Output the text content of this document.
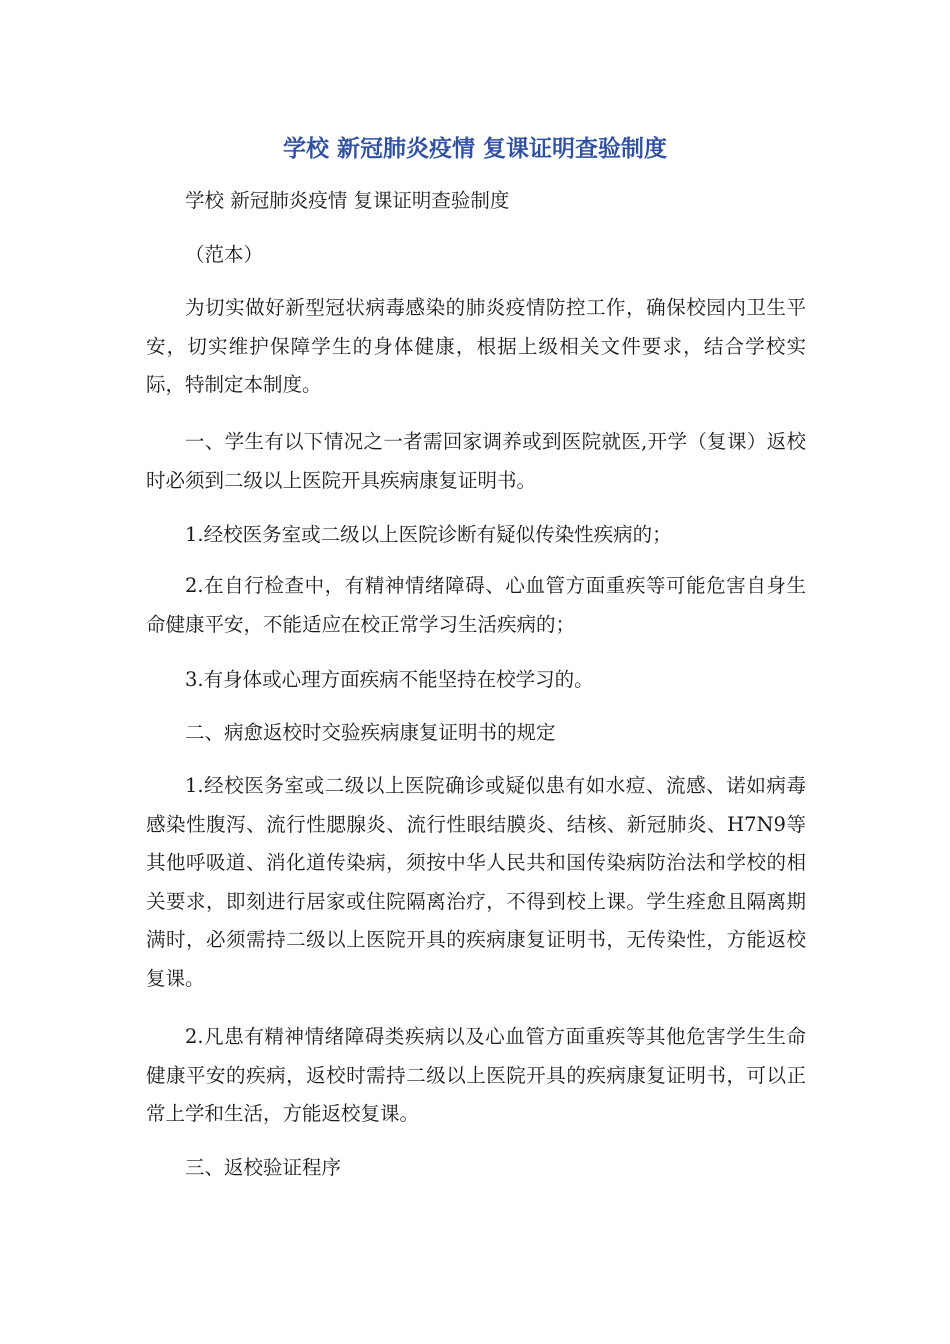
学校 新冠肺炎疫情 复课证明查验制度

学校 新冠肺炎疫情 复课证明查验制度

（范本）

为切实做好新型冠状病毒感染的肺炎疫情防控工作，确保校园内卫生平安，切实维护保障学生的身体健康，根据上级相关文件要求，结合学校实际，特制定本制度。

一、学生有以下情况之一者需回家调养或到医院就医,开学（复课）返校时必须到二级以上医院开具疾病康复证明书。

1.经校医务室或二级以上医院诊断有疑似传染性疾病的；

2.在自行检查中，有精神情绪障碍、心血管方面重疾等可能危害自身生命健康平安，不能适应在校正常学习生活疾病的；

3.有身体或心理方面疾病不能坚持在校学习的。

二、病愈返校时交验疾病康复证明书的规定

1.经校医务室或二级以上医院确诊或疑似患有如水痘、流感、诺如病毒感染性腹泻、流行性腮腺炎、流行性眼结膜炎、结核、新冠肺炎、H7N9等其他呼吸道、消化道传染病，须按中华人民共和国传染病防治法和学校的相关要求，即刻进行居家或住院隔离治疗，不得到校上课。学生痊愈且隔离期满时，必须需持二级以上医院开具的疾病康复证明书，无传染性，方能返校复课。

2.凡患有精神情绪障碍类疾病以及心血管方面重疾等其他危害学生生命健康平安的疾病，返校时需持二级以上医院开具的疾病康复证明书，可以正常上学和生活，方能返校复课。

三、返校验证程序
